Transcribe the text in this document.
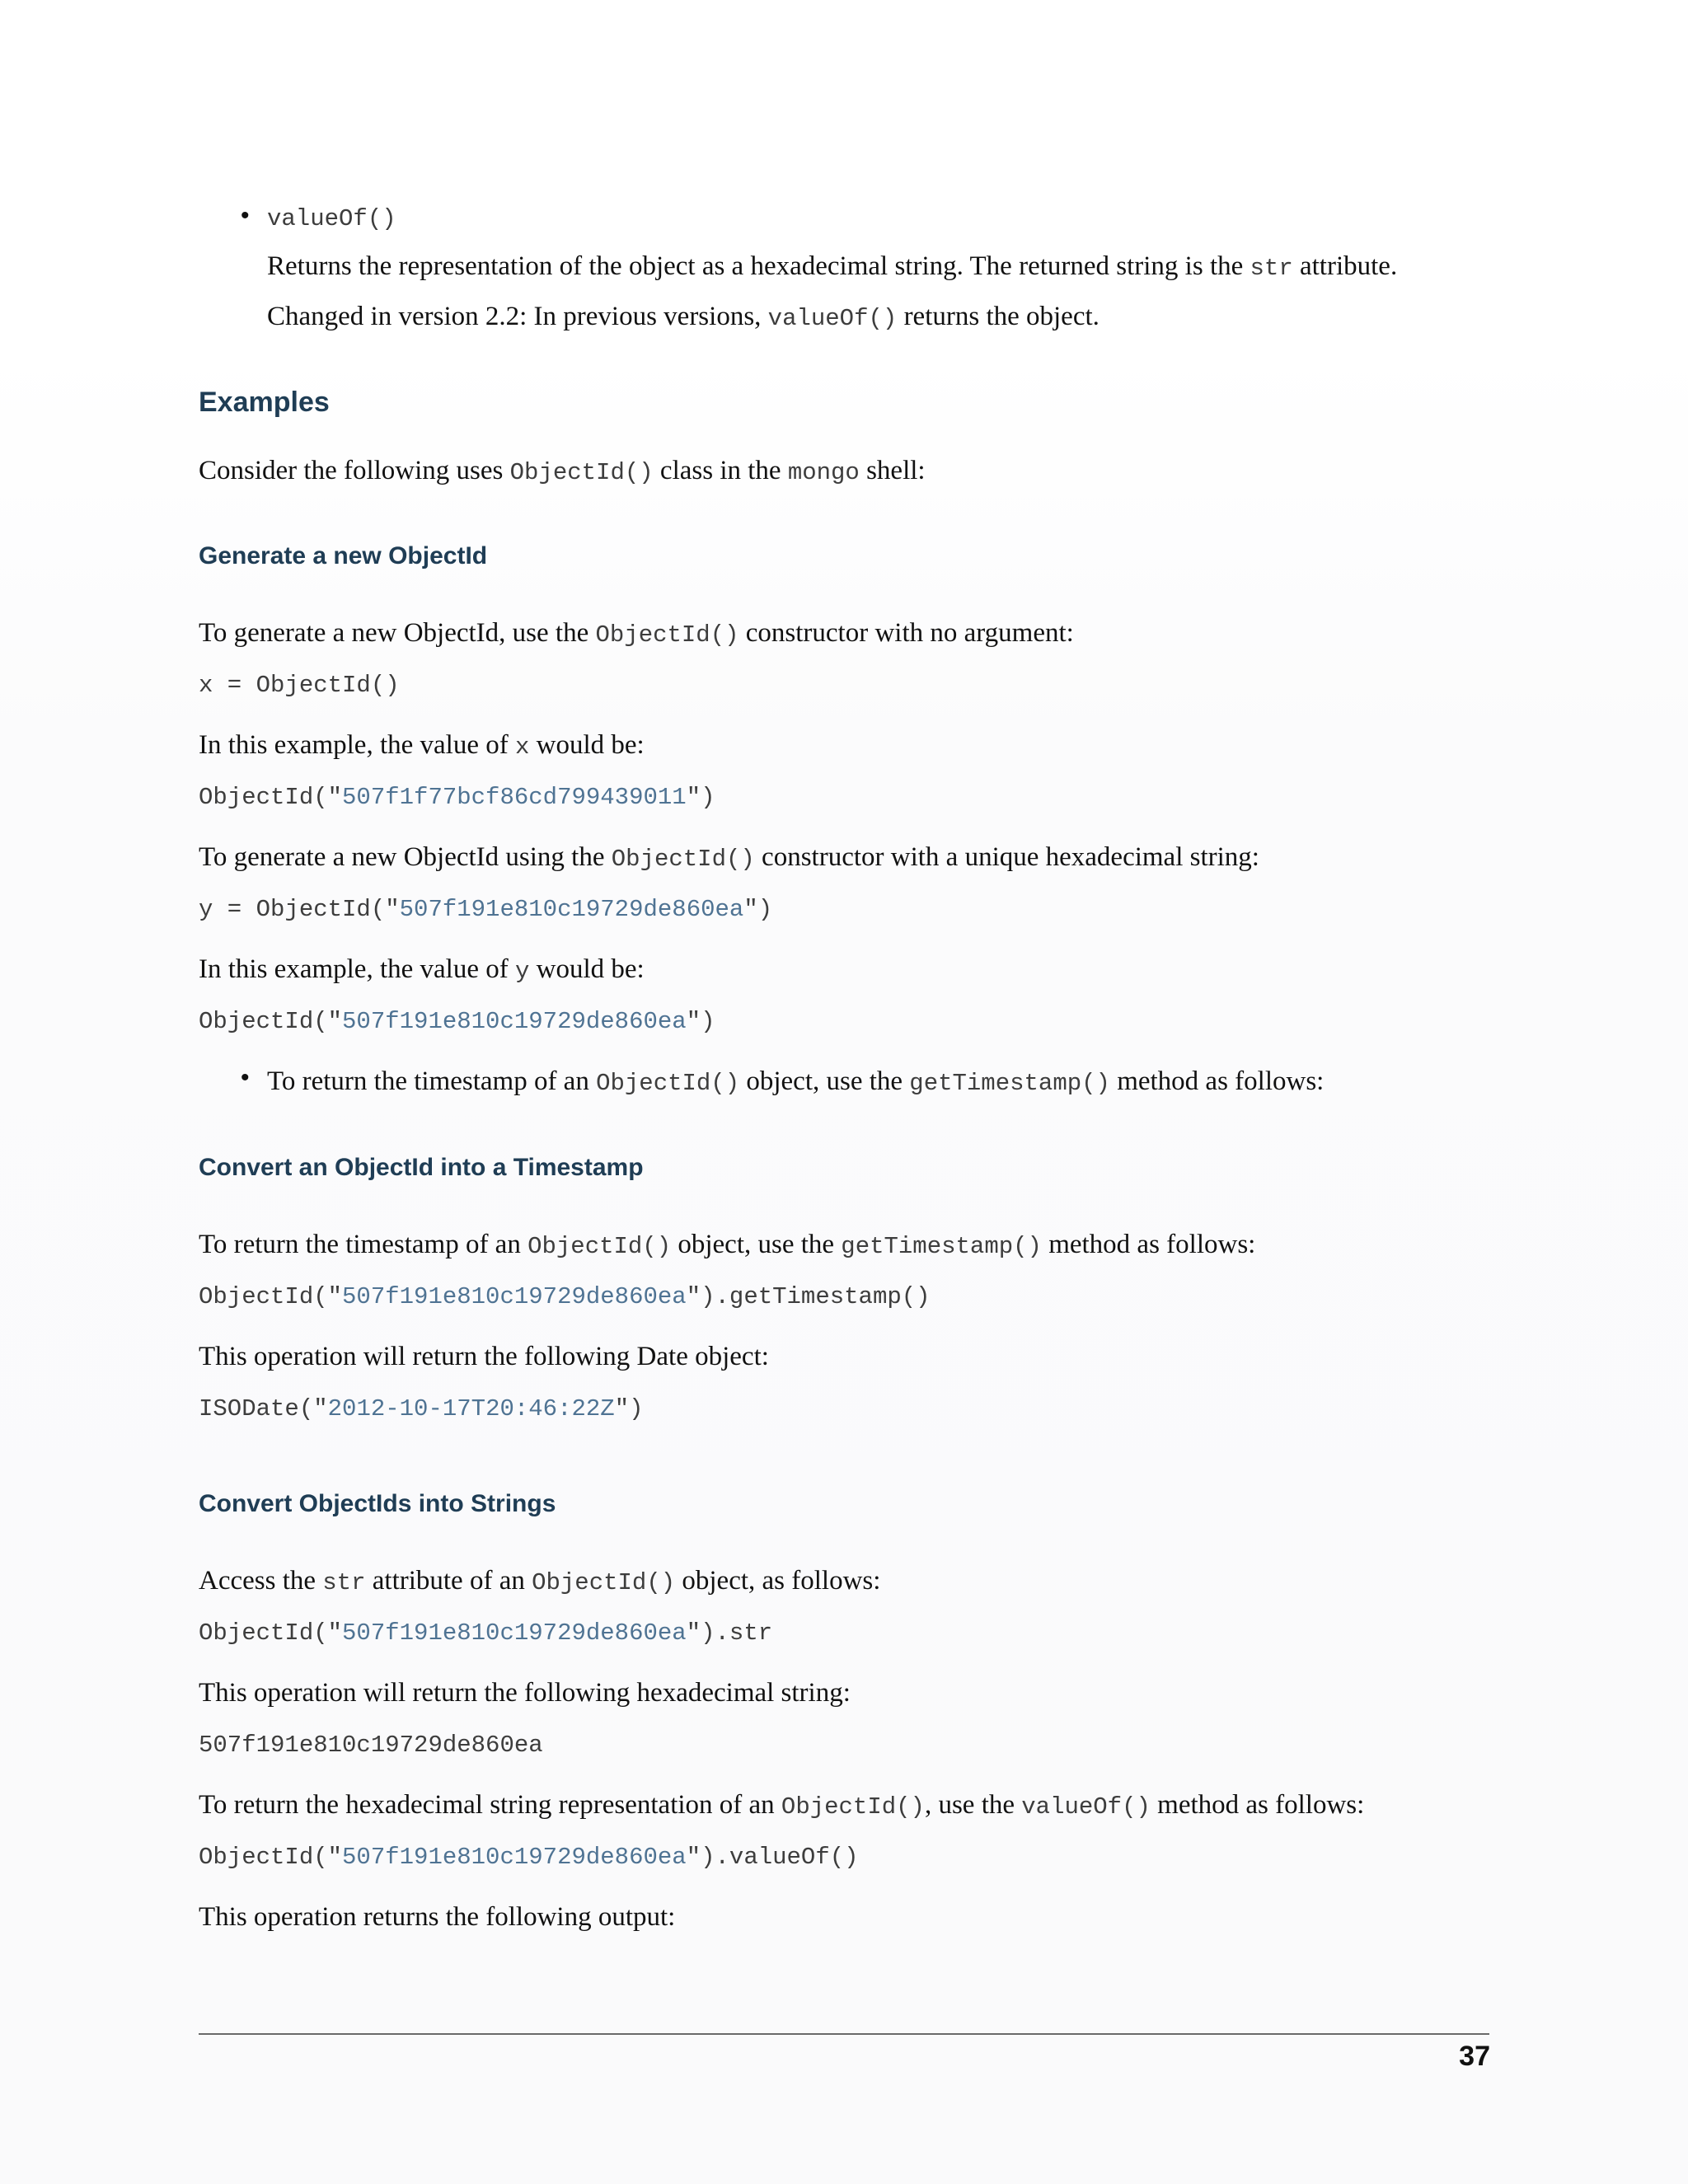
• valueOf()
Returns the representation of the object as a hexadecimal string. The returned string is the str attribute.
Changed in version 2.2: In previous versions, valueOf() returns the object.
Examples
Consider the following uses ObjectId() class in the mongo shell:
Generate a new ObjectId
To generate a new ObjectId, use the ObjectId() constructor with no argument:
x = ObjectId()
In this example, the value of x would be:
ObjectId("507f1f77bcf86cd799439011")
To generate a new ObjectId using the ObjectId() constructor with a unique hexadecimal string:
y = ObjectId("507f191e810c19729de860ea")
In this example, the value of y would be:
ObjectId("507f191e810c19729de860ea")
• To return the timestamp of an ObjectId() object, use the getTimestamp() method as follows:
Convert an ObjectId into a Timestamp
To return the timestamp of an ObjectId() object, use the getTimestamp() method as follows:
ObjectId("507f191e810c19729de860ea").getTimestamp()
This operation will return the following Date object:
ISODate("2012-10-17T20:46:22Z")
Convert ObjectIds into Strings
Access the str attribute of an ObjectId() object, as follows:
ObjectId("507f191e810c19729de860ea").str
This operation will return the following hexadecimal string:
507f191e810c19729de860ea
To return the hexadecimal string representation of an ObjectId(), use the valueOf() method as follows:
ObjectId("507f191e810c19729de860ea").valueOf()
This operation returns the following output:
37
